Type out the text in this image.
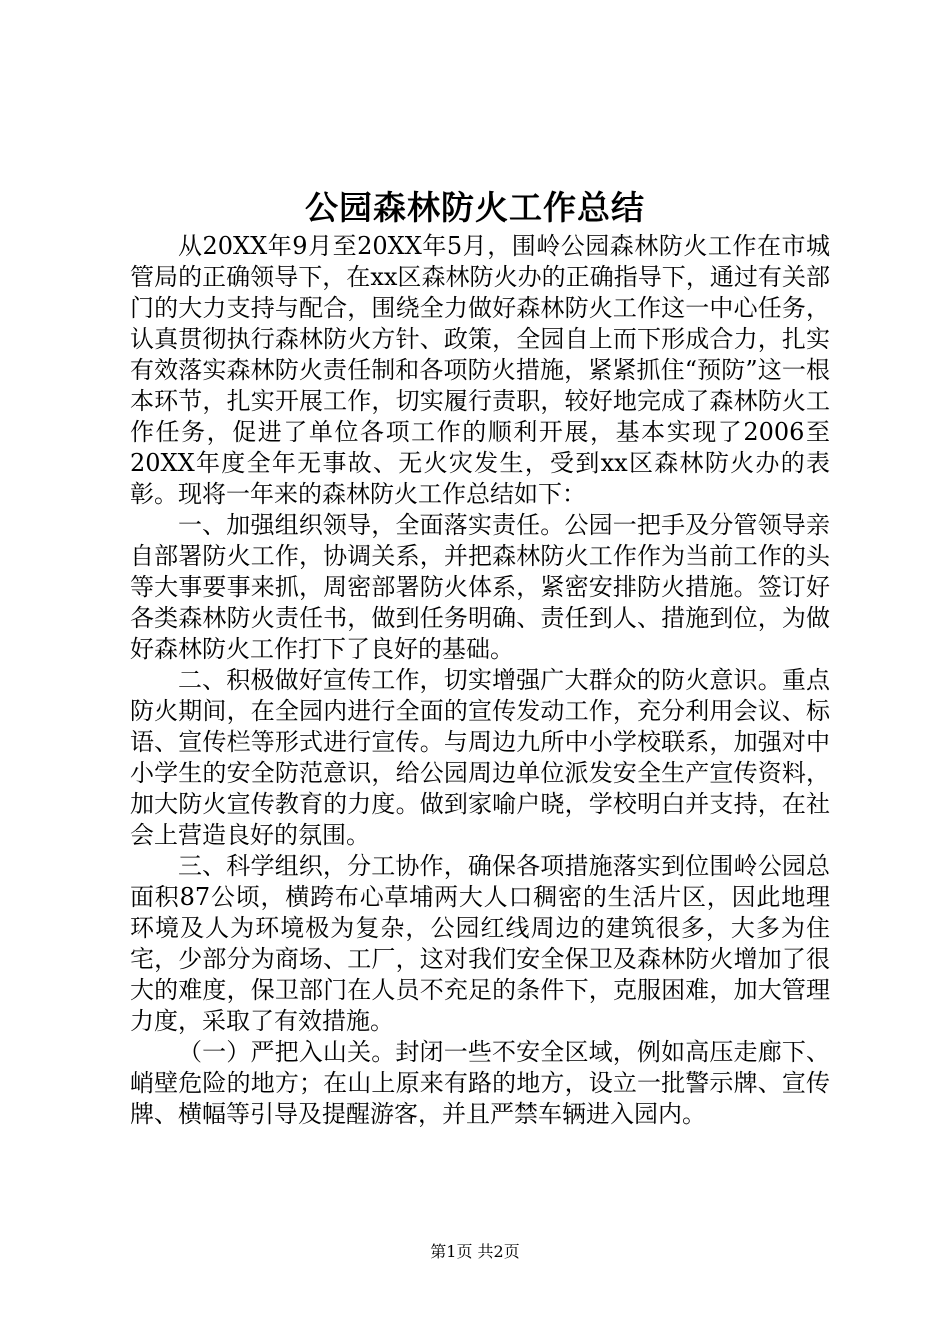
公园森林防火工作总结

从20XX年9月至20XX年5月，围岭公园森林防火工作在市城管局的正确领导下，在xx区森林防火办的正确指导下，通过有关部门的大力支持与配合，围绕全力做好森林防火工作这一中心任务，认真贯彻执行森林防火方针、政策，全园自上而下形成合力，扎实有效落实森林防火责任制和各项防火措施，紧紧抓住“预防”这一根本环节，扎实开展工作，切实履行责职，较好地完成了森林防火工作任务，促进了单位各项工作的顺利开展，基本实现了2006至20XX年度全年无事故、无火灾发生，受到xx区森林防火办的表彰。现将一年来的森林防火工作总结如下：

一、加强组织领导，全面落实责任。公园一把手及分管领导亲自部署防火工作，协调关系，并把森林防火工作作为当前工作的头等大事要事来抓，周密部署防火体系，紧密安排防火措施。签订好各类森林防火责任书，做到任务明确、责任到人、措施到位，为做好森林防火工作打下了良好的基础。

二、积极做好宣传工作，切实增强广大群众的防火意识。重点防火期间，在全园内进行全面的宣传发动工作，充分利用会议、标语、宣传栏等形式进行宣传。与周边九所中小学校联系，加强对中小学生的安全防范意识，给公园周边单位派发安全生产宣传资料，加大防火宣传教育的力度。做到家喻户晓，学校明白并支持，在社会上营造良好的氛围。

三、科学组织，分工协作，确保各项措施落实到位围岭公园总面积87公顷，横跨布心草埔两大人口稠密的生活片区，因此地理环境及人为环境极为复杂，公园红线周边的建筑很多，大多为住宅，少部分为商场、工厂，这对我们安全保卫及森林防火增加了很大的难度，保卫部门在人员不充足的条件下，克服困难，加大管理力度，采取了有效措施。

（一）严把入山关。封闭一些不安全区域，例如高压走廊下、峭壁危险的地方；在山上原来有路的地方，设立一批警示牌、宣传牌、横幅等引导及提醒游客，并且严禁车辆进入园内。

第1页 共2页
